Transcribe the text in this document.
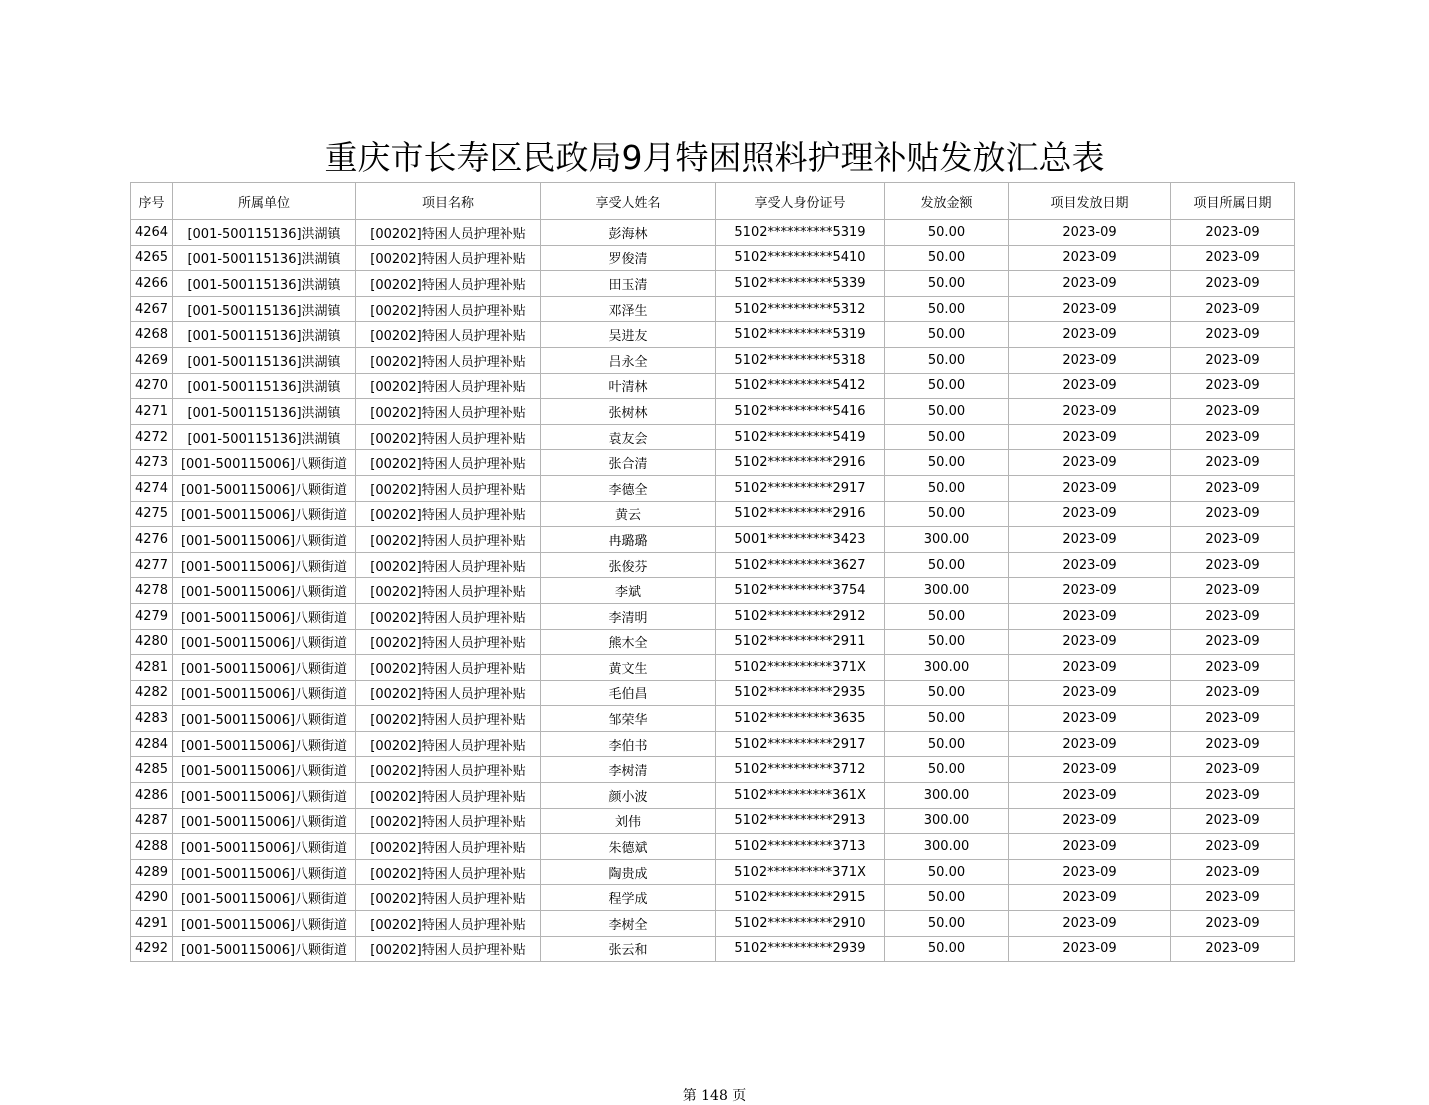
重庆市长寿区民政局9月特困照料护理补贴发放汇总表
序号	所属单位	项目名称	享受人姓名	享受人身份证号	发放金额	项目发放日期	项目所属日期
4264	[001-500115136]洪湖镇	[00202]特困人员护理补贴	彭海林	5102**********5319	50.00	2023-09	2023-09
4265	[001-500115136]洪湖镇	[00202]特困人员护理补贴	罗俊清	5102**********5410	50.00	2023-09	2023-09
4266	[001-500115136]洪湖镇	[00202]特困人员护理补贴	田玉清	5102**********5339	50.00	2023-09	2023-09
4267	[001-500115136]洪湖镇	[00202]特困人员护理补贴	邓泽生	5102**********5312	50.00	2023-09	2023-09
4268	[001-500115136]洪湖镇	[00202]特困人员护理补贴	吴进友	5102**********5319	50.00	2023-09	2023-09
4269	[001-500115136]洪湖镇	[00202]特困人员护理补贴	吕永全	5102**********5318	50.00	2023-09	2023-09
4270	[001-500115136]洪湖镇	[00202]特困人员护理补贴	叶清林	5102**********5412	50.00	2023-09	2023-09
4271	[001-500115136]洪湖镇	[00202]特困人员护理补贴	张树林	5102**********5416	50.00	2023-09	2023-09
4272	[001-500115136]洪湖镇	[00202]特困人员护理补贴	袁友会	5102**********5419	50.00	2023-09	2023-09
4273	[001-500115006]八颗街道	[00202]特困人员护理补贴	张合清	5102**********2916	50.00	2023-09	2023-09
4274	[001-500115006]八颗街道	[00202]特困人员护理补贴	李德全	5102**********2917	50.00	2023-09	2023-09
4275	[001-500115006]八颗街道	[00202]特困人员护理补贴	黄云	5102**********2916	50.00	2023-09	2023-09
4276	[001-500115006]八颗街道	[00202]特困人员护理补贴	冉璐璐	5001**********3423	300.00	2023-09	2023-09
4277	[001-500115006]八颗街道	[00202]特困人员护理补贴	张俊芬	5102**********3627	50.00	2023-09	2023-09
4278	[001-500115006]八颗街道	[00202]特困人员护理补贴	李斌	5102**********3754	300.00	2023-09	2023-09
4279	[001-500115006]八颗街道	[00202]特困人员护理补贴	李清明	5102**********2912	50.00	2023-09	2023-09
4280	[001-500115006]八颗街道	[00202]特困人员护理补贴	熊木全	5102**********2911	50.00	2023-09	2023-09
4281	[001-500115006]八颗街道	[00202]特困人员护理补贴	黄文生	5102**********371X	300.00	2023-09	2023-09
4282	[001-500115006]八颗街道	[00202]特困人员护理补贴	毛伯昌	5102**********2935	50.00	2023-09	2023-09
4283	[001-500115006]八颗街道	[00202]特困人员护理补贴	邹荣华	5102**********3635	50.00	2023-09	2023-09
4284	[001-500115006]八颗街道	[00202]特困人员护理补贴	李伯书	5102**********2917	50.00	2023-09	2023-09
4285	[001-500115006]八颗街道	[00202]特困人员护理补贴	李树清	5102**********3712	50.00	2023-09	2023-09
4286	[001-500115006]八颗街道	[00202]特困人员护理补贴	颜小波	5102**********361X	300.00	2023-09	2023-09
4287	[001-500115006]八颗街道	[00202]特困人员护理补贴	刘伟	5102**********2913	300.00	2023-09	2023-09
4288	[001-500115006]八颗街道	[00202]特困人员护理补贴	朱德斌	5102**********3713	300.00	2023-09	2023-09
4289	[001-500115006]八颗街道	[00202]特困人员护理补贴	陶贵成	5102**********371X	50.00	2023-09	2023-09
4290	[001-500115006]八颗街道	[00202]特困人员护理补贴	程学成	5102**********2915	50.00	2023-09	2023-09
4291	[001-500115006]八颗街道	[00202]特困人员护理补贴	李树全	5102**********2910	50.00	2023-09	2023-09
4292	[001-500115006]八颗街道	[00202]特困人员护理补贴	张云和	5102**********2939	50.00	2023-09	2023-09
第 148 页
